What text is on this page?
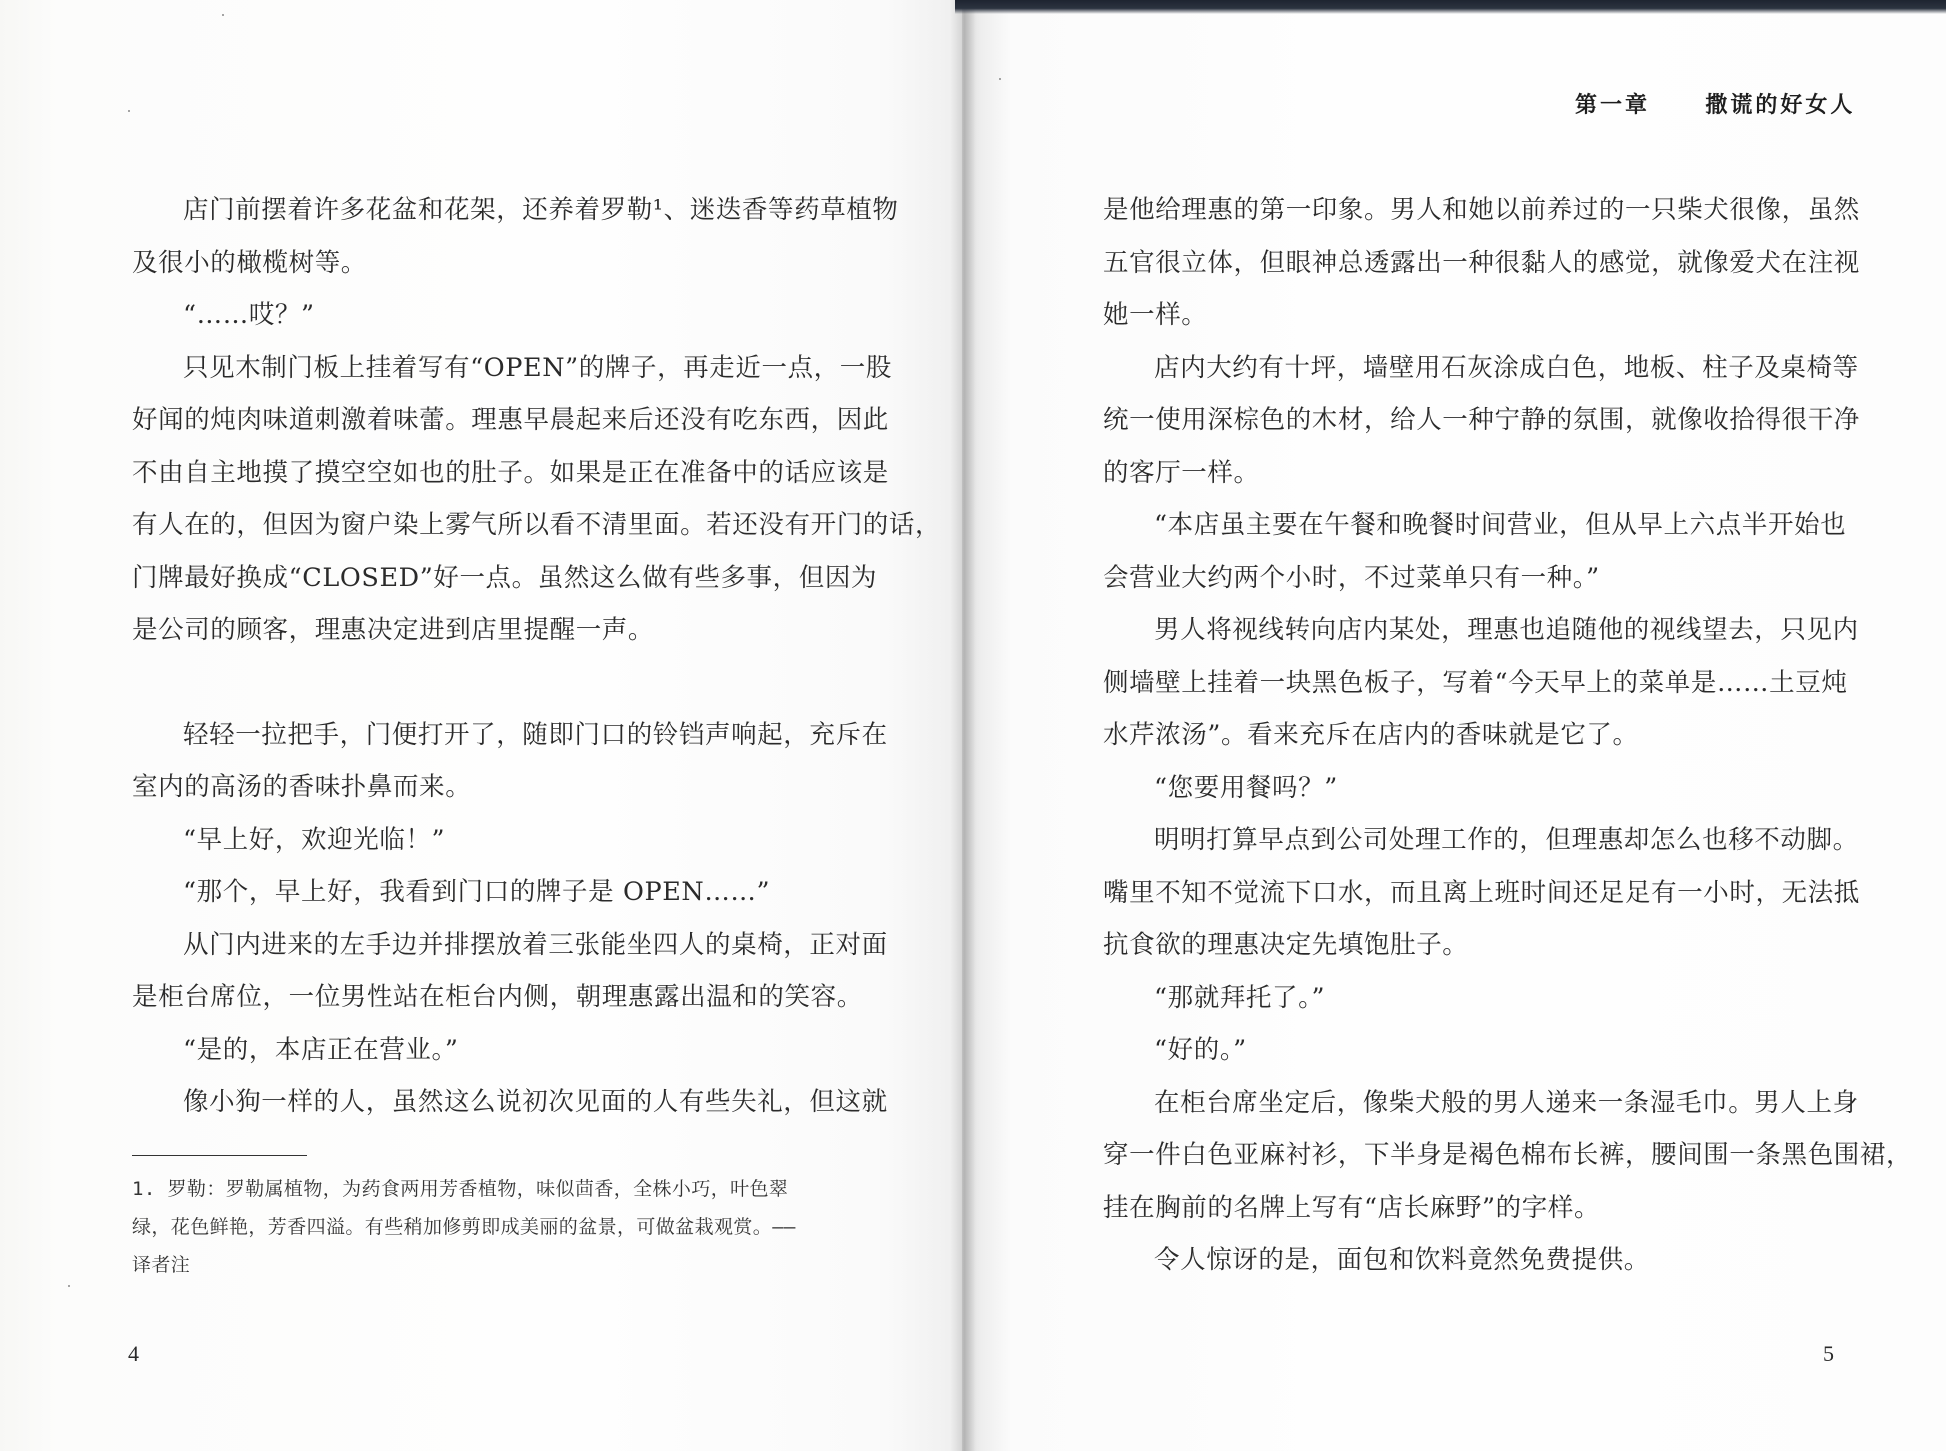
店门前摆着许多花盆和花架，还养着罗勒¹、迷迭香等药草植物

及很小的橄榄树等。

“……哎？”

只见木制门板上挂着写有“OPEN”的牌子，再走近一点，一股

好闻的炖肉味道刺激着味蕾。理惠早晨起来后还没有吃东西，因此

不由自主地摸了摸空空如也的肚子。如果是正在准备中的话应该是

有人在的，但因为窗户染上雾气所以看不清里面。若还没有开门的话，

门牌最好换成“CLOSED”好一点。虽然这么做有些多事，但因为

是公司的顾客，理惠决定进到店里提醒一声。

轻轻一拉把手，门便打开了，随即门口的铃铛声响起，充斥在

室内的高汤的香味扑鼻而来。

“早上好，欢迎光临！”

“那个，早上好，我看到门口的牌子是 OPEN……”

从门内进来的左手边并排摆放着三张能坐四人的桌椅，正对面

是柜台席位，一位男性站在柜台内侧，朝理惠露出温和的笑容。

“是的，本店正在营业。”

像小狗一样的人，虽然这么说初次见面的人有些失礼，但这就

1. 罗勒：罗勒属植物，为药食两用芳香植物，味似茴香，全株小巧，叶色翠
绿，花色鲜艳，芳香四溢。有些稍加修剪即成美丽的盆景，可做盆栽观赏。——
译者注
4
第一章	撒谎的好女人

是他给理惠的第一印象。男人和她以前养过的一只柴犬很像，虽然

五官很立体，但眼神总透露出一种很黏人的感觉，就像爱犬在注视

她一样。

店内大约有十坪，墙壁用石灰涂成白色，地板、柱子及桌椅等

统一使用深棕色的木材，给人一种宁静的氛围，就像收拾得很干净

的客厅一样。

“本店虽主要在午餐和晚餐时间营业，但从早上六点半开始也

会营业大约两个小时，不过菜单只有一种。”

男人将视线转向店内某处，理惠也追随他的视线望去，只见内

侧墙壁上挂着一块黑色板子，写着“今天早上的菜单是……土豆炖

水芹浓汤”。看来充斥在店内的香味就是它了。

“您要用餐吗？”

明明打算早点到公司处理工作的，但理惠却怎么也移不动脚。

嘴里不知不觉流下口水，而且离上班时间还足足有一小时，无法抵

抗食欲的理惠决定先填饱肚子。

“那就拜托了。”

“好的。”

在柜台席坐定后，像柴犬般的男人递来一条湿毛巾。男人上身

穿一件白色亚麻衬衫，下半身是褐色棉布长裤，腰间围一条黑色围裙，

挂在胸前的名牌上写有“店长麻野”的字样。

令人惊讶的是，面包和饮料竟然免费提供。

5
